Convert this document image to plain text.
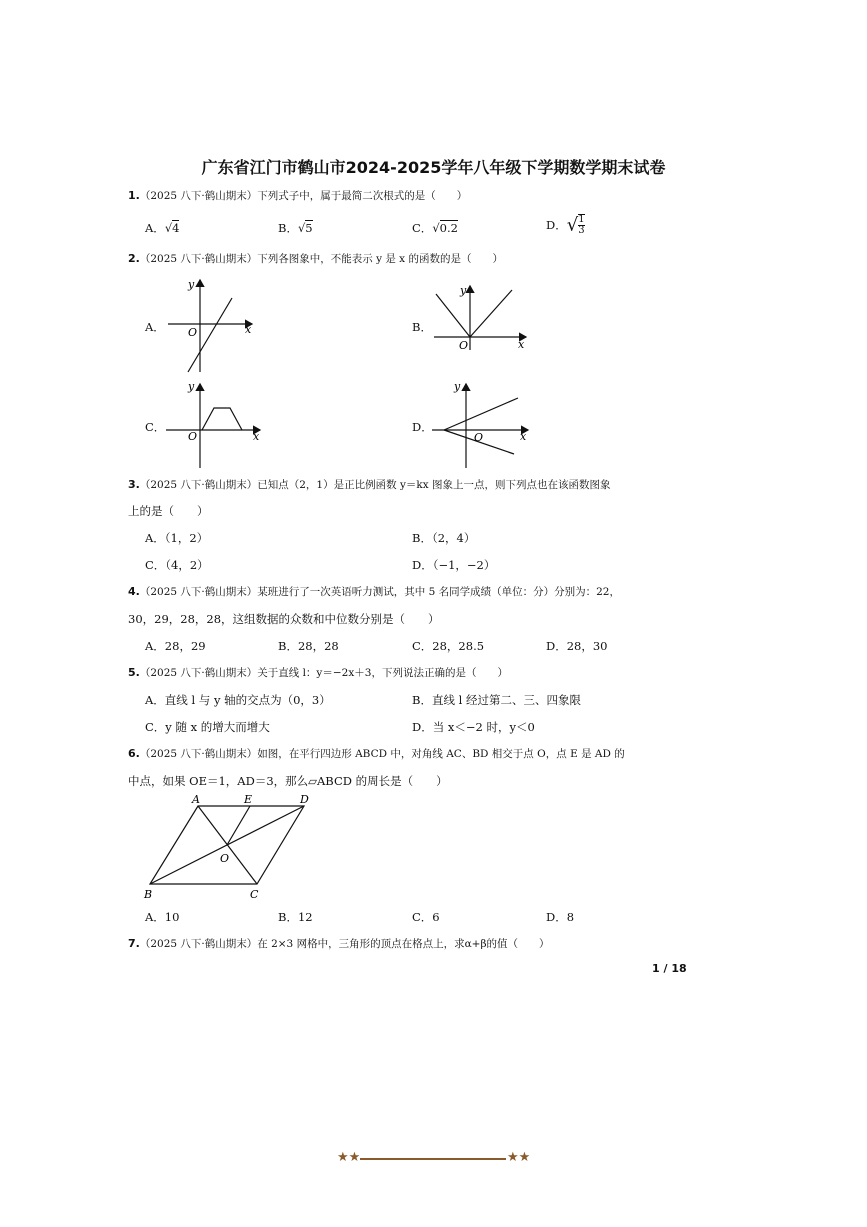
广东省江门市鹤山市2024-2025学年八年级下学期数学期末试卷
1.（2025 八下·鹤山期末）下列式子中，属于最简二次根式的是（　　）
A．√4	B．√5	C．√0.2	D．√ $\frac{1}{3}$
2.（2025 八下·鹤山期末）下列各图象中，不能表示 y 是 x 的函数的是（　　）
A．
y
x
O	B．
y
x
O
C．
y
x
O
D．
y
x
O
3.（2025 八下·鹤山期末）已知点（2，1）是正比例函数 y＝kx 图象上一点，则下列点也在该函数图象
上的是（　　）
A．（1，2）	B．（2，4）
C．（4，2）	D．（−1，−2）
4.（2025 八下·鹤山期末）某班进行了一次英语听力测试，其中 5 名同学成绩（单位：分）分别为：22，
30，29，28，28，这组数据的众数和中位数分别是（　　）
A．28，29	B．28，28	C．28，28.5	D．28，30
5.（2025 八下·鹤山期末）关于直线 l：y＝−2x＋3，下列说法正确的是（　　）
A．直线 l 与 y 轴的交点为（0，3）	B．直线 l 经过第二、三、四象限
C．y 随 x 的增大而增大	D．当 x＜−2 时，y＜0
6.（2025 八下·鹤山期末）如图，在平行四边形 ABCD 中，对角线 AC、BD 相交于点 O，点 E 是 AD 的
中点，如果 OE＝1，AD＝3，那么▱ABCD 的周长是（　　）
A	E	D
O
B	C
A．10	B．12	C．6	D．8
7.（2025 八下·鹤山期末）在 2×3 网格中，三角形的顶点在格点上，求α+β的值（　　）
1 / 18
★★	★★
